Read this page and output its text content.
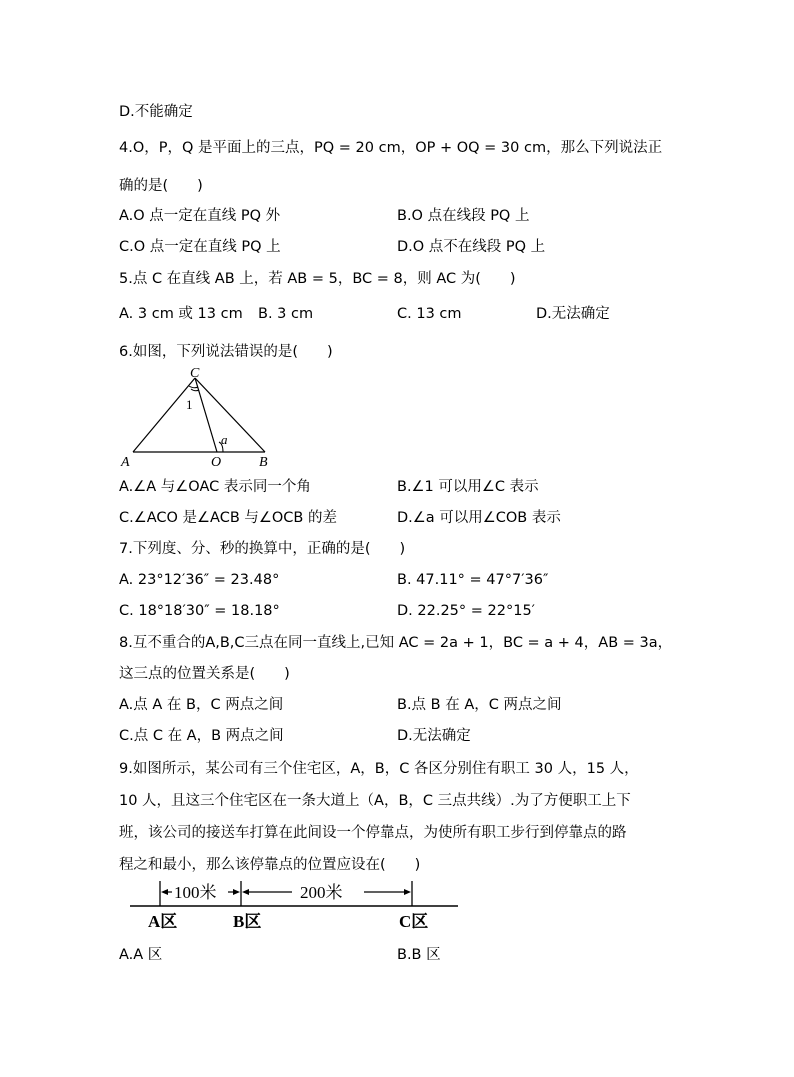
D.不能确定
4.O，P，Q 是平面上的三点，PQ = 20 cm，OP + OQ = 30 cm，那么下列说法正
确的是(　　)
A.O 点一定在直线 PQ 外	B.O 点在线段 PQ 上
C.O 点一定在直线 PQ 上	D.O 点不在线段 PQ 上
5.点 C 在直线 AB 上，若 AB = 5，BC = 8，则 AC 为(　　)
A. 3 cm 或 13 cm B. 3 cm	C. 13 cm	D.无法确定
6.如图，下列说法错误的是(　　)
C
1
a
A	O	B
A.∠A 与∠OAC 表示同一个角	B.∠1 可以用∠C 表示
C.∠ACO 是∠ACB 与∠OCB 的差	D.∠a 可以用∠COB 表示
7.下列度、分、秒的换算中，正确的是(　　)
A. 23°12′36″ = 23.48°	B. 47.11° = 47°7′36″
C. 18°18′30″ = 18.18°	D. 22.25° = 22°15′
8.互不重合的A,B,C三点在同一直线上,已知 AC = 2a + 1，BC = a + 4，AB = 3a，
这三点的位置关系是(　　)
A.点 A 在 B，C 两点之间	B.点 B 在 A，C 两点之间
C.点 C 在 A，B 两点之间	D.无法确定
9.如图所示，某公司有三个住宅区，A，B，C 各区分别住有职工 30 人，15 人，
10 人，且这三个住宅区在一条大道上（A，B，C 三点共线）.为了方便职工上下
班，该公司的接送车打算在此间设一个停靠点，为使所有职工步行到停靠点的路
程之和最小，那么该停靠点的位置应设在(　　)
100米	200米
A区	B区	C区
A.A 区	B.B 区
